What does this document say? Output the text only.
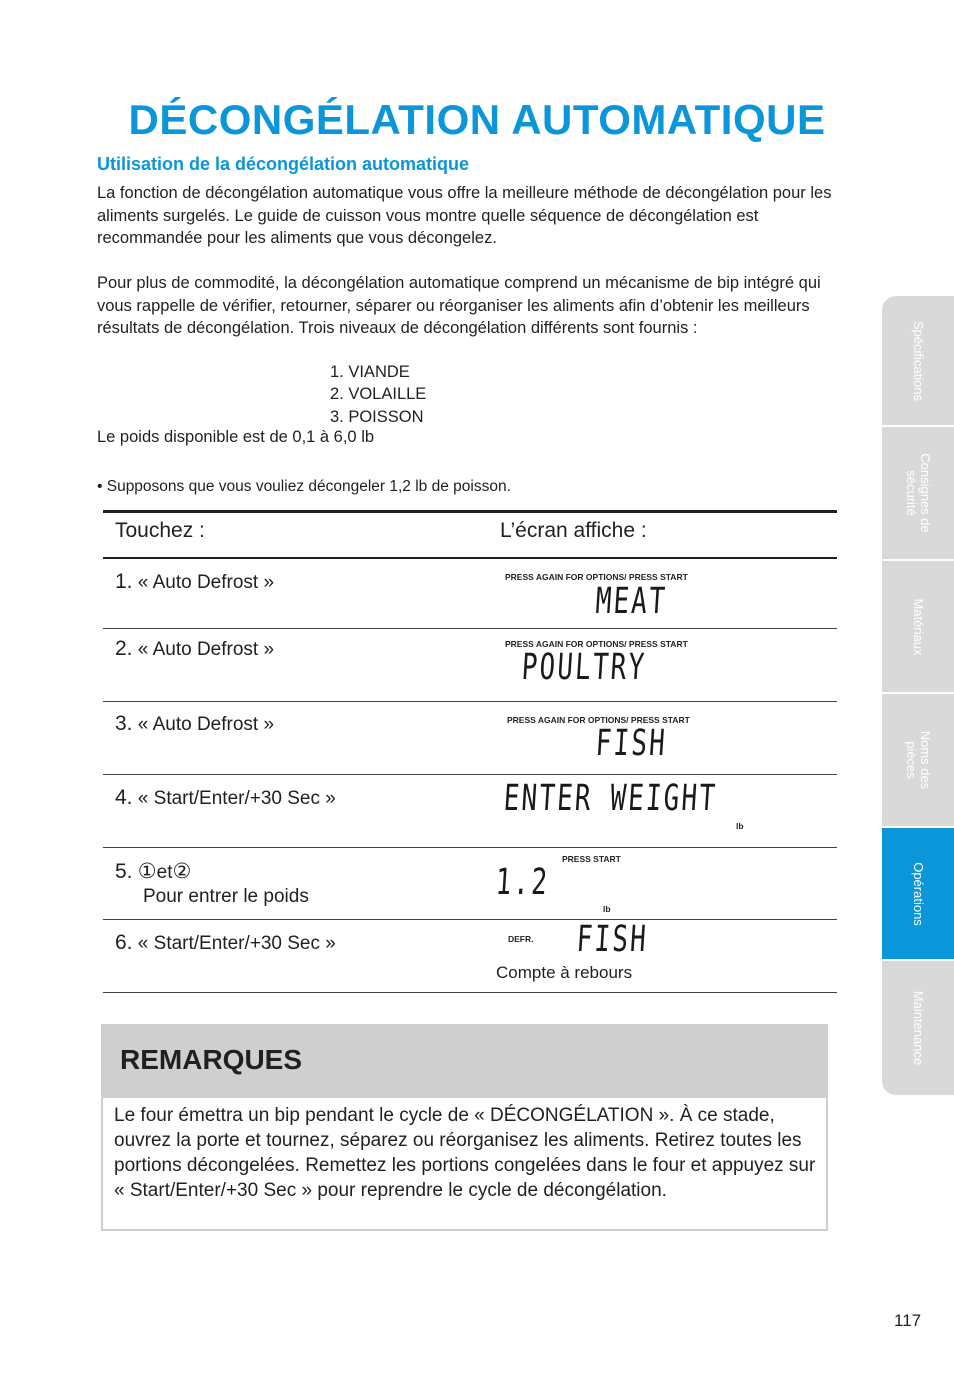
DÉCONGÉLATION AUTOMATIQUE
Utilisation de la décongélation automatique

La fonction de décongélation automatique vous offre la meilleure méthode de décongélation pour les aliments surgelés. Le guide de cuisson vous montre quelle séquence de décongélation est recommandée pour les aliments que vous décongelez.

Pour plus de commodité, la décongélation automatique comprend un mécanisme de bip intégré qui vous rappelle de vérifier, retourner, séparer ou réorganiser les aliments afin d’obtenir les meilleurs résultats de décongélation. Trois niveaux de décongélation différents sont fournis :

1. VIANDE
2. VOLAILLE
3. POISSON

Le poids disponible est de 0,1 à 6,0 lb

• Supposons que vous vouliez décongeler 1,2 lb de poisson.

Touchez :	L’écran affiche :

1. « Auto Defrost »	PRESS AGAIN FOR OPTIONS/ PRESS START
MEAT
2. « Auto Defrost »	PRESS AGAIN FOR OPTIONS/ PRESS START
POULTRY
3. « Auto Defrost »	PRESS AGAIN FOR OPTIONS/ PRESS START
FISH
4. « Start/Enter/+30 Sec »	ENTER WEIGHT
lb
5. ①et②
Pour entrer le poids
PRESS START
1.2
lb
6. « Start/Enter/+30 Sec »	DEFR. FISH
Compte à rebours
REMARQUES

Le four émettra un bip pendant le cycle de « DÉCONGÉLATION ». À ce stade, ouvrez la porte et tournez, séparez ou réorganisez les aliments. Retirez toutes les portions décongelées. Remettez les portions congelées dans le four et appuyez sur « Start/Enter/+30 Sec » pour reprendre le cycle de décongélation.

Spécifications
Consignes de sécurité
Matériaux
Noms des pièces
Opérations
Maintenance

117
